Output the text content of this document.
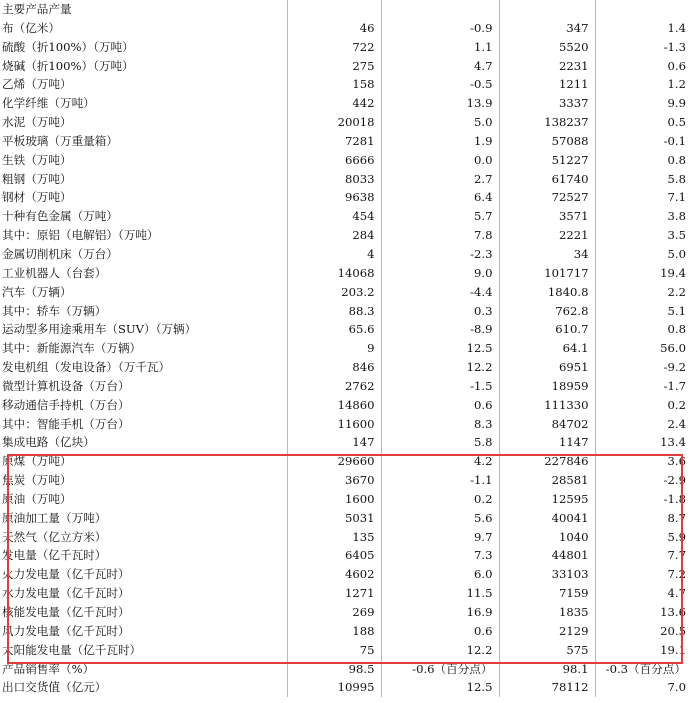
主要产品产量				
布（亿米）	46	-0.9	347	1.4
硫酸（折100%）（万吨）	722	1.1	5520	-1.3
烧碱（折100%）（万吨）	275	4.7	2231	0.6
乙烯（万吨）	158	-0.5	1211	1.2
化学纤维（万吨）	442	13.9	3337	9.9
水泥（万吨）	20018	5.0	138237	0.5
平板玻璃（万重量箱）	7281	1.9	57088	-0.1
生铁（万吨）	6666	0.0	51227	0.8
粗钢（万吨）	8033	2.7	61740	5.8
钢材（万吨）	9638	6.4	72527	7.1
十种有色金属（万吨）	454	5.7	3571	3.8
其中：原铝（电解铝）（万吨）	284	7.8	2221	3.5
金属切削机床（万台）	4	-2.3	34	5.0
工业机器人（台套）	14068	9.0	101717	19.4
汽车（万辆）	203.2	-4.4	1840.8	2.2
其中：轿车（万辆）	88.3	0.3	762.8	5.1
运动型多用途乘用车（SUV）（万辆）	65.6	-8.9	610.7	0.8
其中：新能源汽车（万辆）	9	12.5	64.1	56.0
发电机组（发电设备）（万千瓦）	846	12.2	6951	-9.2
微型计算机设备（万台）	2762	-1.5	18959	-1.7
移动通信手持机（万台）	14860	0.6	111330	0.2
其中：智能手机（万台）	11600	8.3	84702	2.4
集成电路（亿块）	147	5.8	1147	13.4
原煤（万吨）	29660	4.2	227846	3.6
焦炭（万吨）	3670	-1.1	28581	-2.9
原油（万吨）	1600	0.2	12595	-1.8
原油加工量（万吨）	5031	5.6	40041	8.7
天然气（亿立方米）	135	9.7	1040	5.9
发电量（亿千瓦时）	6405	7.3	44801	7.7
火力发电量（亿千瓦时）	4602	6.0	33103	7.2
水力发电量（亿千瓦时）	1271	11.5	7159	4.7
核能发电量（亿千瓦时）	269	16.9	1835	13.6
风力发电量（亿千瓦时）	188	0.6	2129	20.5
太阳能发电量（亿千瓦时）	75	12.2	575	19.1
产品销售率（%）	98.5	-0.6（百分点）	98.1	-0.3（百分点）
出口交货值（亿元）	10995	12.5	78112	7.0
